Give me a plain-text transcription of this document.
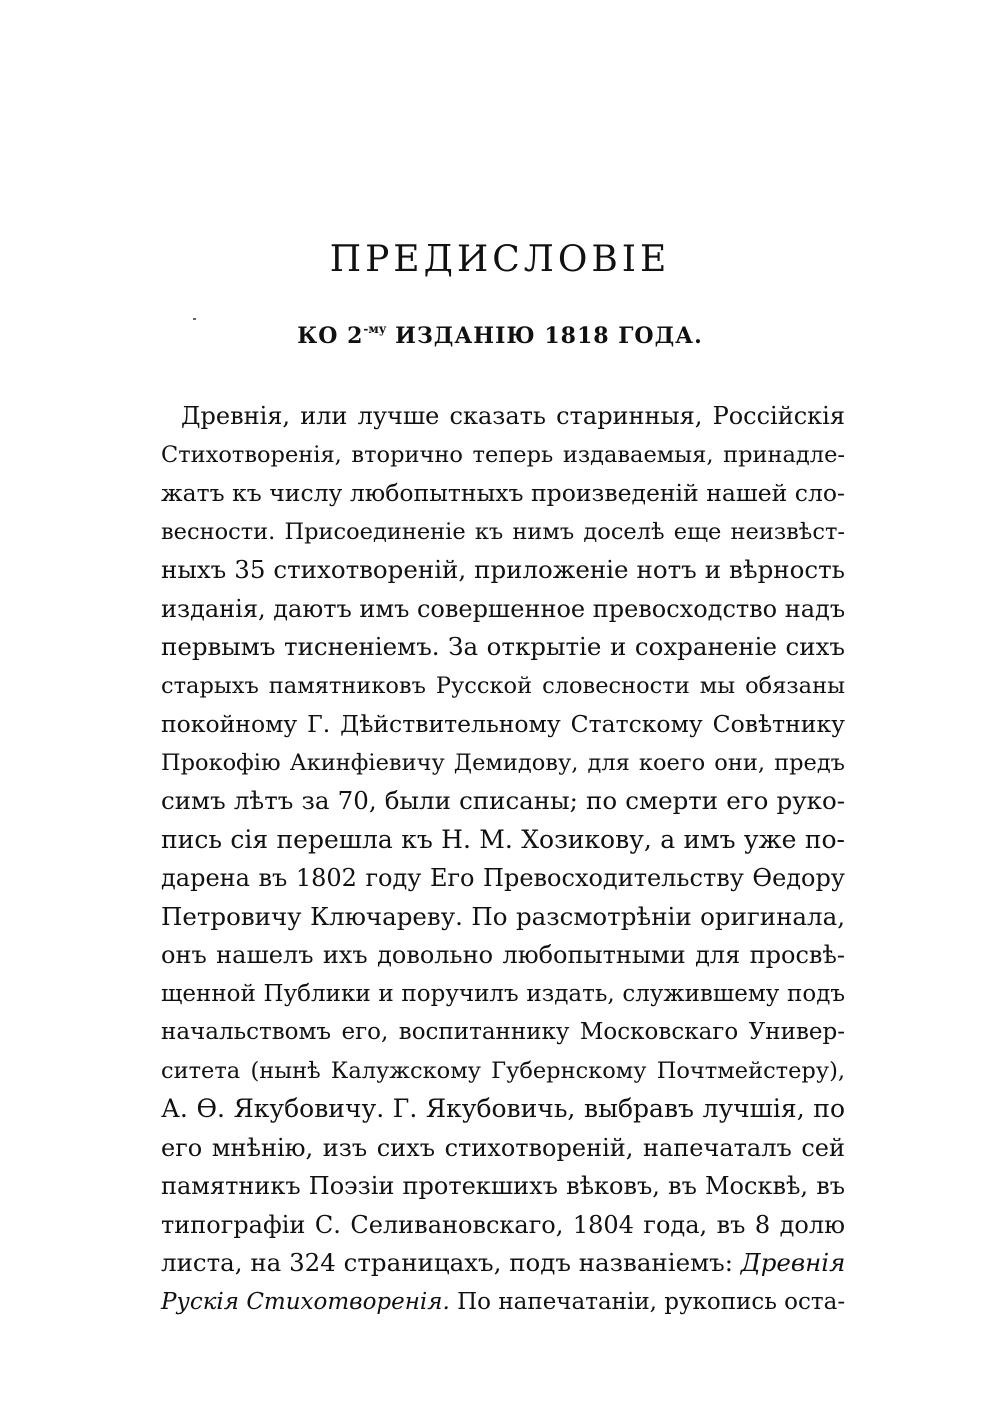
ПРЕДИСЛОВІЕ
КО $2^{-му}$ ИЗДАНІЮ 1818 ГОДА.
Древнія, или лучше сказать старинныя, Россійскія
Стихотворенія, вторично теперь издаваемыя, принадле-
жатъ къ числу любопытныхъ произведеній нашей сло-
весности. Присоединеніе къ нимъ доселѣ еще неизвѣст-
ныхъ 35 стихотвореній, приложеніе нотъ и вѣрность
изданія, даютъ имъ совершенное превосходство надъ
первымъ тисненіемъ. За открытіе и сохраненіе сихъ
старыхъ памятниковъ Русской словесности мы обязаны
покойному Г. Дѣйствительному Статскому Совѣтнику
Прокофію Акинфіевичу Демидову, для коего они, предъ
симъ лѣтъ за 70, были списаны; по смерти его руко-
пись сія перешла къ Н. М. Хозикову, а имъ уже по-
дарена въ 1802 году Его Превосходительству Ѳедору
Петровичу Ключареву. По разсмотрѣніи оригинала,
онъ нашелъ ихъ довольно любопытными для просвѣ-
щенной Публики и поручилъ издать, служившему подъ
начальствомъ его, воспитаннику Московскаго Универ-
ситета (нынѣ Калужскому Губернскому Почтмейстеру),
А. Ѳ. Якубовичу. Г. Якубовичь, выбравъ лучшія, по
его мнѣнію, изъ сихъ стихотвореній, напечаталъ сей
памятникъ Поэзіи протекшихъ вѣковъ, въ Москвѣ, въ
типографіи С. Селивановскаго, 1804 года, въ 8 долю
листа, на 324 страницахъ, подъ названіемъ: Древнія
Рускія Стихотворенія. По напечатаніи, рукопись оста-
